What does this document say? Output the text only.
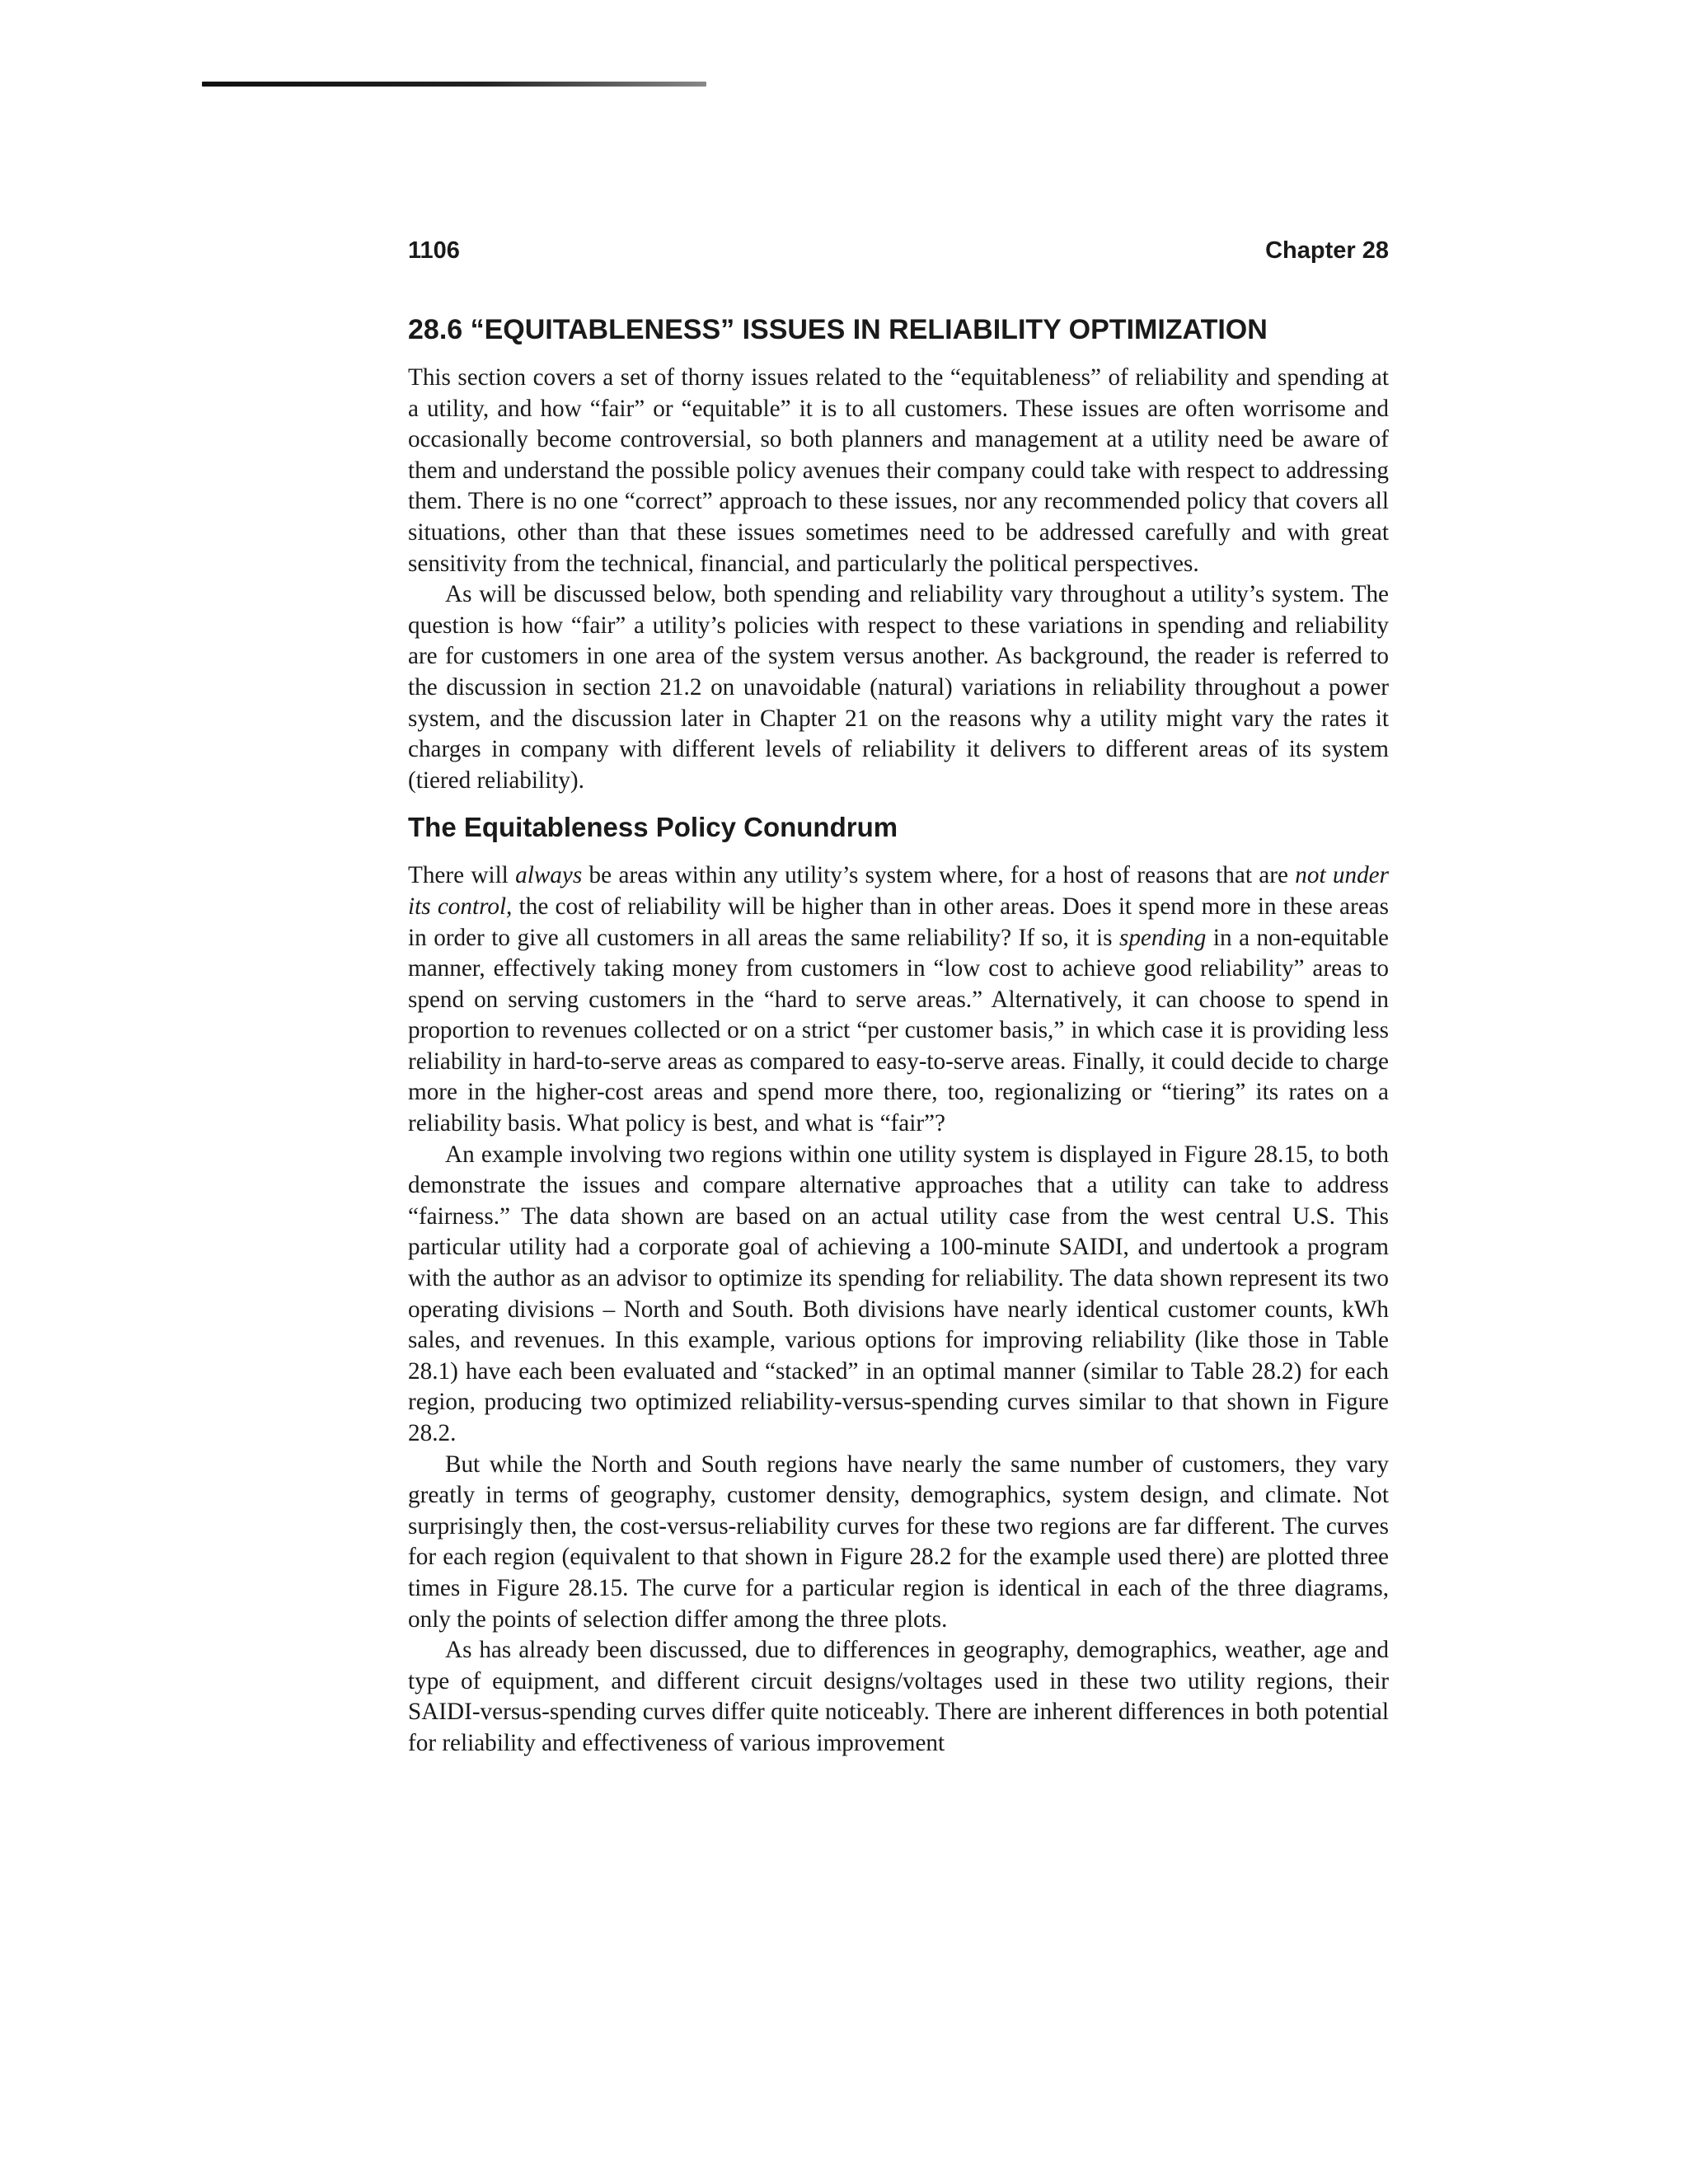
1106	Chapter 28
28.6 “EQUITABLENESS” ISSUES IN RELIABILITY OPTIMIZATION

This section covers a set of thorny issues related to the “equitableness” of reliability and spending at a utility, and how “fair” or “equitable” it is to all customers. These issues are often worrisome and occasionally become controversial, so both planners and management at a utility need be aware of them and understand the possible policy avenues their company could take with respect to addressing them. There is no one “correct” approach to these issues, nor any recommended policy that covers all situations, other than that these issues sometimes need to be addressed carefully and with great sensitivity from the technical, financial, and particularly the political perspectives.

As will be discussed below, both spending and reliability vary throughout a utility’s system. The question is how “fair” a utility’s policies with respect to these variations in spending and reliability are for customers in one area of the system versus another. As background, the reader is referred to the discussion in section 21.2 on unavoidable (natural) variations in reliability throughout a power system, and the discussion later in Chapter 21 on the reasons why a utility might vary the rates it charges in company with different levels of reliability it delivers to different areas of its system (tiered reliability).

The Equitableness Policy Conundrum

There will always be areas within any utility’s system where, for a host of reasons that are not under its control, the cost of reliability will be higher than in other areas. Does it spend more in these areas in order to give all customers in all areas the same reliability? If so, it is spending in a non-equitable manner, effectively taking money from customers in “low cost to achieve good reliability” areas to spend on serving customers in the “hard to serve areas.” Alternatively, it can choose to spend in proportion to revenues collected or on a strict “per customer basis,” in which case it is providing less reliability in hard-to-serve areas as compared to easy-to-serve areas. Finally, it could decide to charge more in the higher-cost areas and spend more there, too, regionalizing or “tiering” its rates on a reliability basis. What policy is best, and what is “fair”?

An example involving two regions within one utility system is displayed in Figure 28.15, to both demonstrate the issues and compare alternative approaches that a utility can take to address “fairness.” The data shown are based on an actual utility case from the west central U.S. This particular utility had a corporate goal of achieving a 100-minute SAIDI, and undertook a program with the author as an advisor to optimize its spending for reliability. The data shown represent its two operating divisions – North and South. Both divisions have nearly identical customer counts, kWh sales, and revenues. In this example, various options for improving reliability (like those in Table 28.1) have each been evaluated and “stacked” in an optimal manner (similar to Table 28.2) for each region, producing two optimized reliability-versus-spending curves similar to that shown in Figure 28.2.

But while the North and South regions have nearly the same number of customers, they vary greatly in terms of geography, customer density, demographics, system design, and climate. Not surprisingly then, the cost-versus-reliability curves for these two regions are far different. The curves for each region (equivalent to that shown in Figure 28.2 for the example used there) are plotted three times in Figure 28.15. The curve for a particular region is identical in each of the three diagrams, only the points of selection differ among the three plots.

As has already been discussed, due to differences in geography, demographics, weather, age and type of equipment, and different circuit designs/voltages used in these two utility regions, their SAIDI-versus-spending curves differ quite noticeably. There are inherent differences in both potential for reliability and effectiveness of various improvement
